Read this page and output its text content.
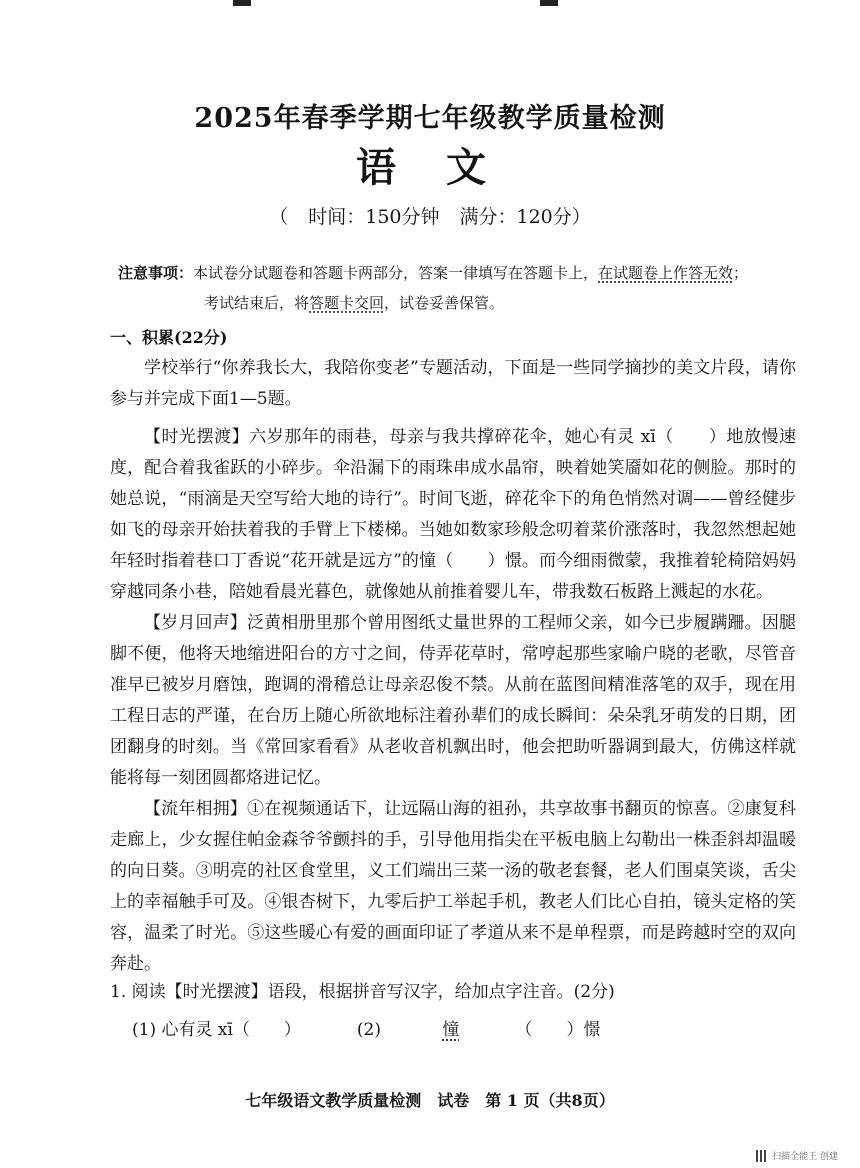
2025年春季学期七年级教学质量检测
语 文
（ 时间：150分钟 满分：120分）
注意事项：本试卷分试题卷和答题卡两部分，答案一律填写在答题卡上，在试题卷上作答无效；
考试结束后，将答题卡交回，试卷妥善保管。
一、积累(22分)

学校举行“你养我长大，我陪你变老”专题活动，下面是一些同学摘抄的美文片段，请你参与并完成下面1—5题。

【时光摆渡】六岁那年的雨巷，母亲与我共撑碎花伞，她心有灵 xī（　　）地放慢速度，配合着我雀跃的小碎步。伞沿漏下的雨珠串成水晶帘，映着她笑靥如花的侧脸。那时的她总说，“雨滴是天空写给大地的诗行”。时间飞逝，碎花伞下的角色悄然对调——曾经健步如飞的母亲开始扶着我的手臂上下楼梯。当她如数家珍般念叨着菜价涨落时，我忽然想起她年轻时指着巷口丁香说“花开就是远方”的憧（　　）憬。而今细雨微蒙，我推着轮椅陪妈妈穿越同条小巷，陪她看晨光暮色，就像她从前推着婴儿车，带我数石板路上溅起的水花。

【岁月回声】泛黄相册里那个曾用图纸丈量世界的工程师父亲，如今已步履蹒跚。因腿脚不便，他将天地缩进阳台的方寸之间，侍弄花草时，常哼起那些家喻户晓的老歌，尽管音准早已被岁月磨蚀，跑调的滑稽总让母亲忍俊不禁。从前在蓝图间精准落笔的双手，现在用工程日志的严谨，在台历上随心所欲地标注着孙辈们的成长瞬间：朵朵乳牙萌发的日期，团团翻身的时刻。当《常回家看看》从老收音机飘出时，他会把助听器调到最大，仿佛这样就能将每一刻团圆都烙进记忆。

【流年相拥】①在视频通话下，让远隔山海的祖孙，共享故事书翻页的惊喜。②康复科走廊上，少女握住帕金森爷爷颤抖的手，引导他用指尖在平板电脑上勾勒出一株歪斜却温暖的向日葵。③明亮的社区食堂里，义工们端出三菜一汤的敬老套餐，老人们围桌笑谈，舌尖上的幸福触手可及。④银杏树下，九零后护工举起手机，教老人们比心自拍，镜头定格的笑容，温柔了时光。⑤这些暖心有爱的画面印证了孝道从来不是单程票，而是跨越时空的双向奔赴。

1. 阅读【时光摆渡】语段，根据拼音写汉字，给加点字注音。(2分)
(1) 心有灵 xī（　　）	(2)	憧	（　　）憬
七年级语文教学质量检测　试卷　第 1 页（共8页）
扫描全能王 创建
